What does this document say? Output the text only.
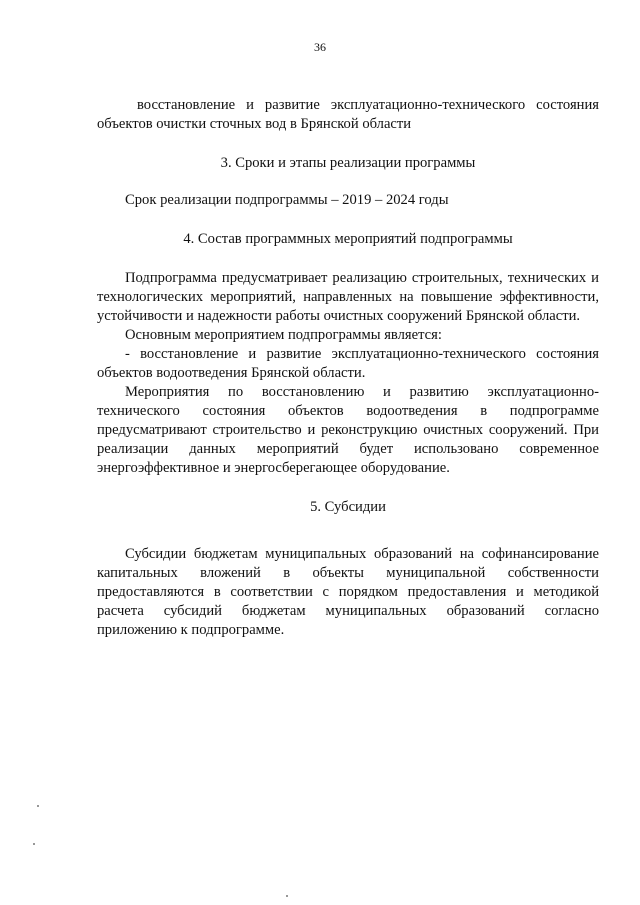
36

восстановление и развитие эксплуатационно-технического состояния объектов очистки сточных вод в Брянской области

3. Сроки и этапы реализации программы

Срок реализации подпрограммы – 2019 – 2024 годы

4. Состав программных мероприятий подпрограммы

Подпрограмма предусматривает реализацию строительных, технических и технологических мероприятий, направленных на повышение эффективности, устойчивости и надежности работы очистных сооружений Брянской области.

Основным мероприятием подпрограммы является:

- восстановление и развитие эксплуатационно-технического состояния объектов водоотведения Брянской области.

Мероприятия по восстановлению и развитию эксплуатационно-технического состояния объектов водоотведения в подпрограмме предусматривают строительство и реконструкцию очистных сооружений. При реализации данных мероприятий будет использовано современное энергоэффективное и энергосберегающее оборудование.

5. Субсидии

Субсидии бюджетам муниципальных образований на софинансирование капитальных вложений в объекты муниципальной собственности предоставляются в соответствии с порядком предоставления и методикой расчета субсидий бюджетам муниципальных образований согласно приложению к подпрограмме.
